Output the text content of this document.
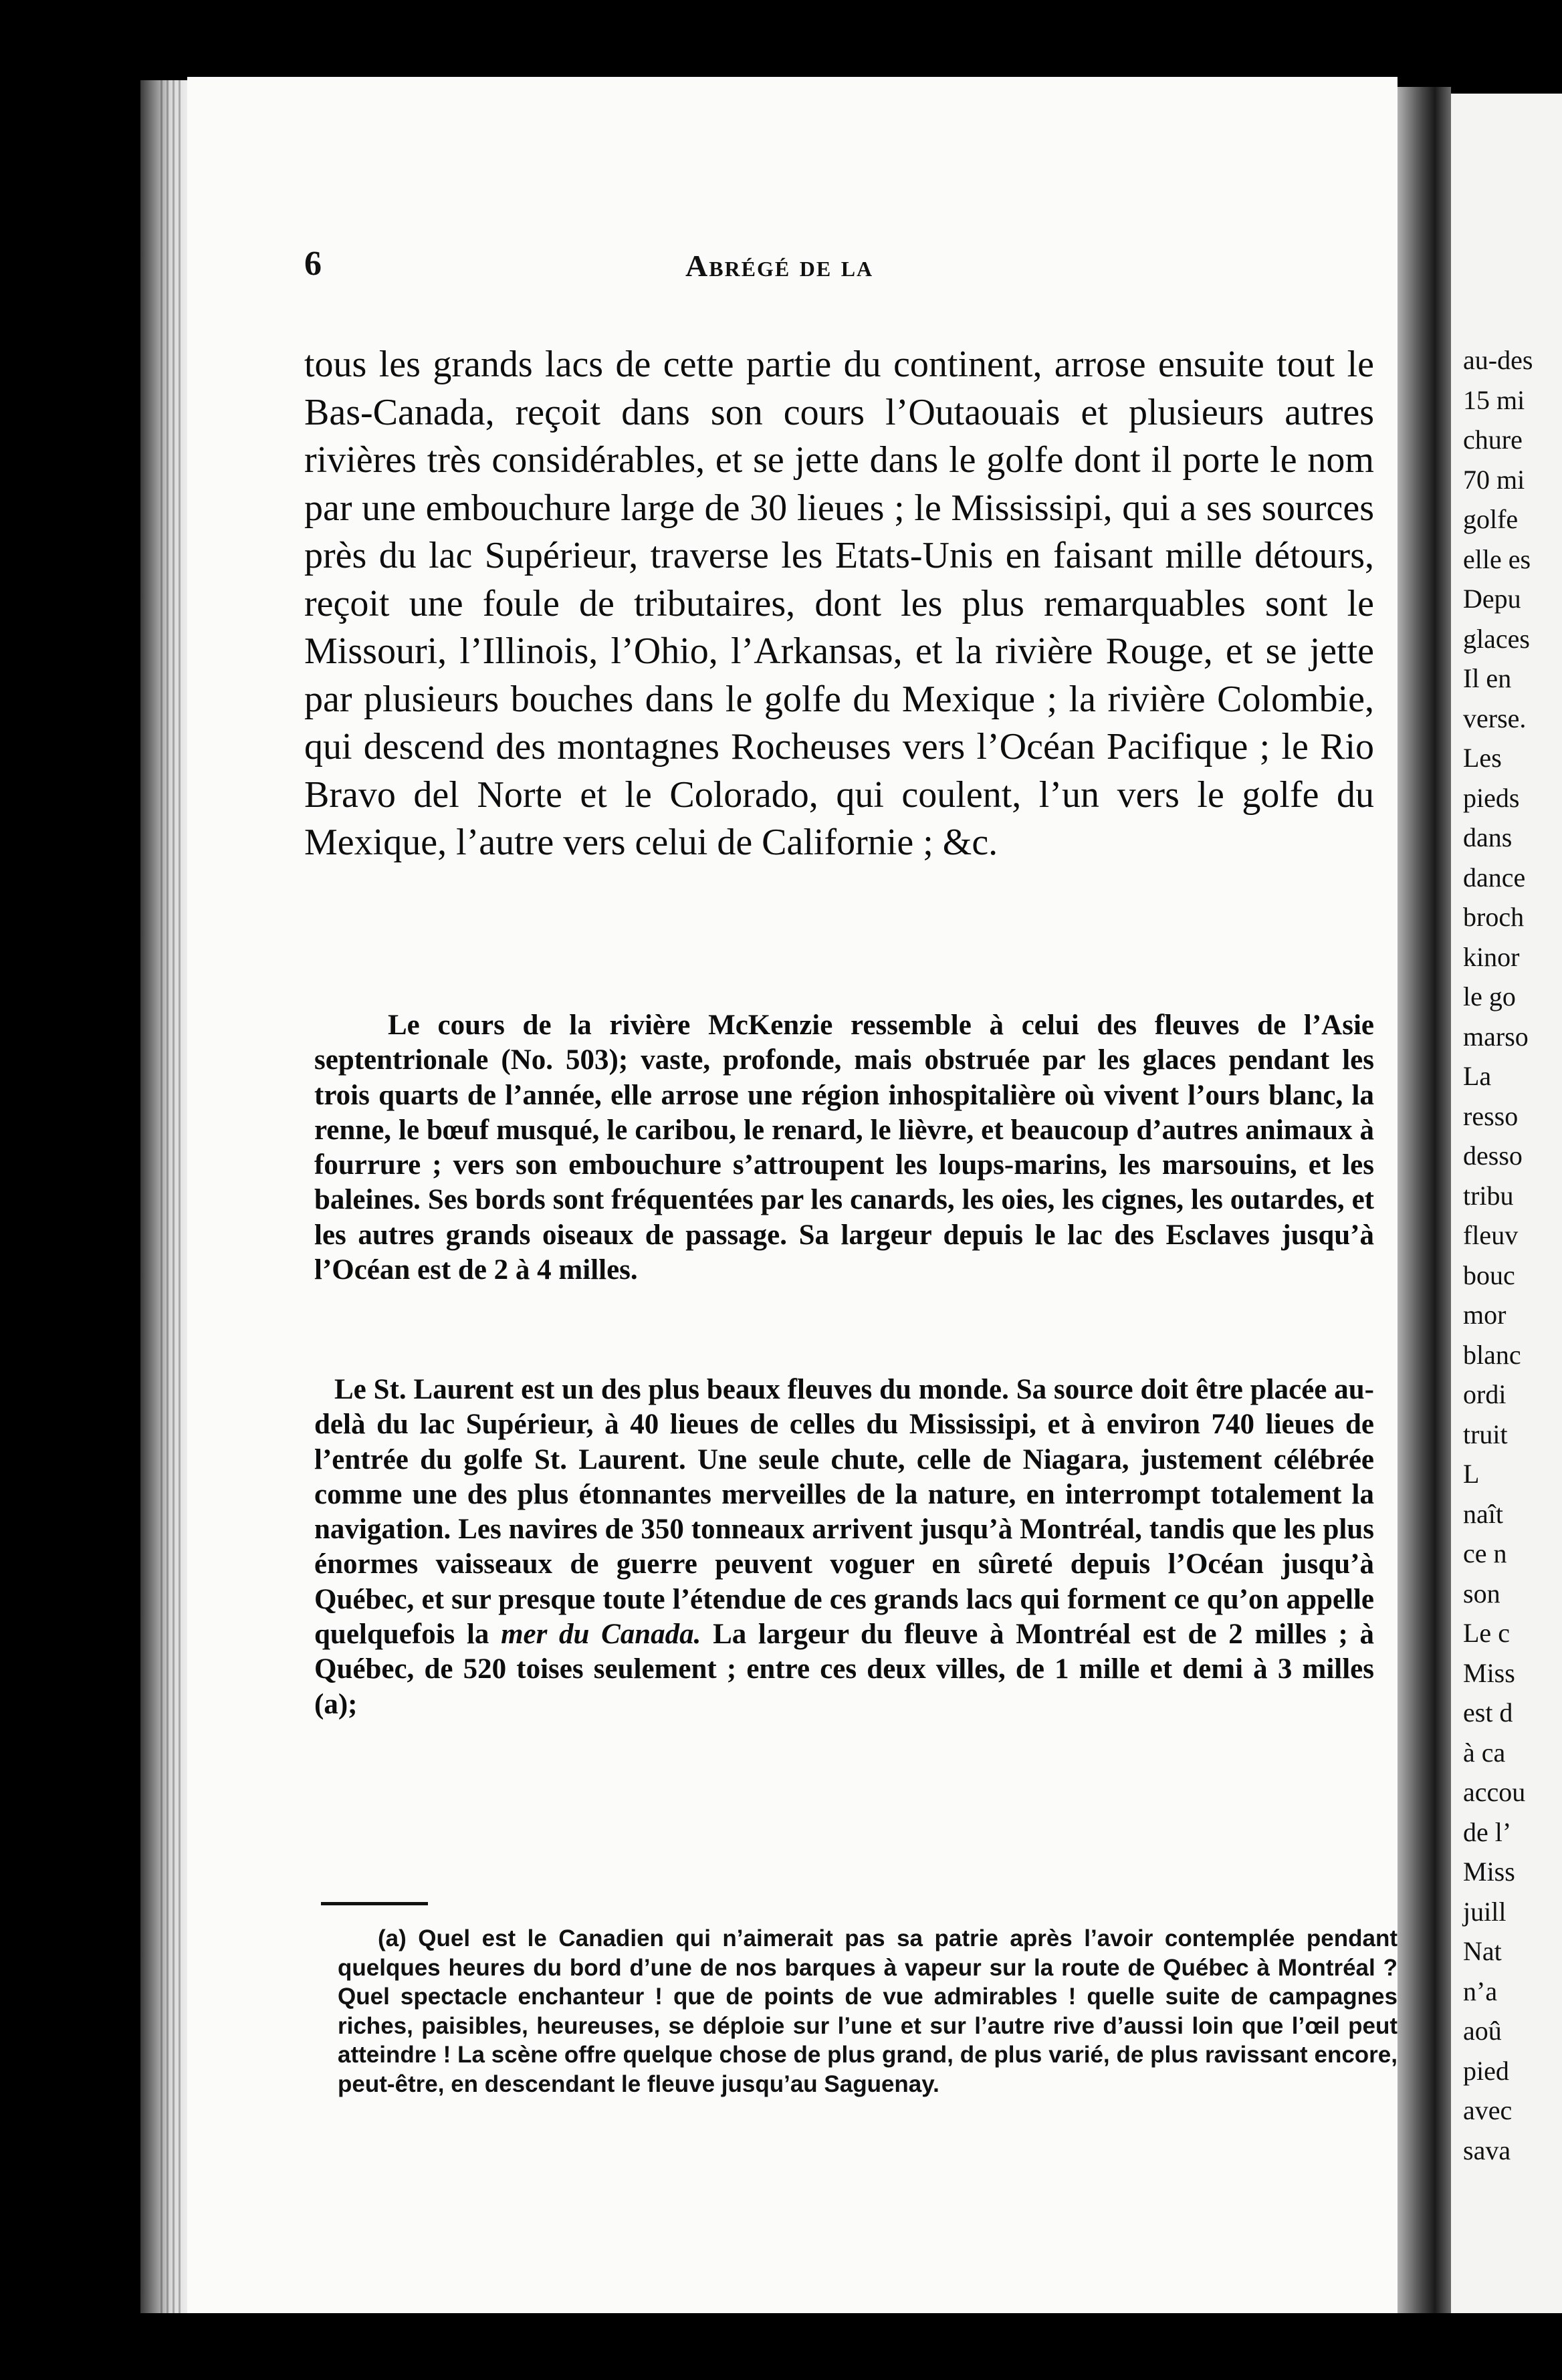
6	Abrégé de la

tous les grands lacs de cette partie du continent, arrose ensuite tout le Bas-Canada, reçoit dans son cours l’Outaouais et plusieurs autres rivières très considérables, et se jette dans le golfe dont il porte le nom par une embouchure large de 30 lieues ; le Mississipi, qui a ses sources près du lac Supérieur, traverse les Etats-Unis en faisant mille détours, reçoit une foule de tributaires, dont les plus remarquables sont le Missouri, l’Illinois, l’Ohio, l’Arkansas, et la rivière Rouge, et se jette par plusieurs bouches dans le golfe du Mexique ; la rivière Colombie, qui descend des montagnes Rocheuses vers l’Océan Pacifique ; le Rio Bravo del Norte et le Colorado, qui coulent, l’un vers le golfe du Mexique, l’autre vers celui de Californie ; &c.

Le cours de la rivière McKenzie ressemble à celui des fleuves de l’Asie septentrionale (No. 503); vaste, profonde, mais obstruée par les glaces pendant les trois quarts de l’année, elle arrose une région inhospitalière où vivent l’ours blanc, la renne, le bœuf musqué, le caribou, le renard, le lièvre, et beaucoup d’autres animaux à fourrure ; vers son embouchure s’attroupent les loups-marins, les marsouins, et les baleines. Ses bords sont fréquentées par les canards, les oies, les cignes, les outardes, et les autres grands oiseaux de passage. Sa largeur depuis le lac des Esclaves jusqu’à l’Océan est de 2 à 4 milles.
Le St. Laurent est un des plus beaux fleuves du monde. Sa source doit être placée au-delà du lac Supérieur, à 40 lieues de celles du Mississipi, et à environ 740 lieues de l’entrée du golfe St. Laurent. Une seule chute, celle de Niagara, justement célébrée comme une des plus étonnantes merveilles de la nature, en interrompt totalement la navigation. Les navires de 350 tonneaux arrivent jusqu’à Montréal, tandis que les plus énormes vaisseaux de guerre peuvent voguer en sûreté depuis l’Océan jusqu’à Québec, et sur presque toute l’étendue de ces grands lacs qui forment ce qu’on appelle quelquefois la mer du Canada. La largeur du fleuve à Montréal est de 2 milles ; à Québec, de 520 toises seulement ; entre ces deux villes, de 1 mille et demi à 3 milles (a);
(a) Quel est le Canadien qui n’aimerait pas sa patrie après l’avoir contemplée pendant quelques heures du bord d’une de nos barques à vapeur sur la route de Québec à Montréal ? Quel spectacle enchanteur ! que de points de vue admirables ! quelle suite de campagnes riches, paisibles, heureuses, se déploie sur l’une et sur l’autre rive d’aussi loin que l’œil peut atteindre ! La scène offre quelque chose de plus grand, de plus varié, de plus ravissant encore, peut-être, en descendant le fleuve jusqu’au Saguenay.
au-des
15 mi
chure
70 mi
golfe
elle es
Depu
glaces
Il en
verse.
Les
pieds
dans
dance
broch
kinor
le go
marso
La
resso
desso
tribu
fleuv
bouc
mor
blanc
ordi
truit
L
naît
ce n
son
Le c
Miss
est d
à ca
accou
de l’
Miss
juill
Nat
n’a
aoû
pied
avec
sava
